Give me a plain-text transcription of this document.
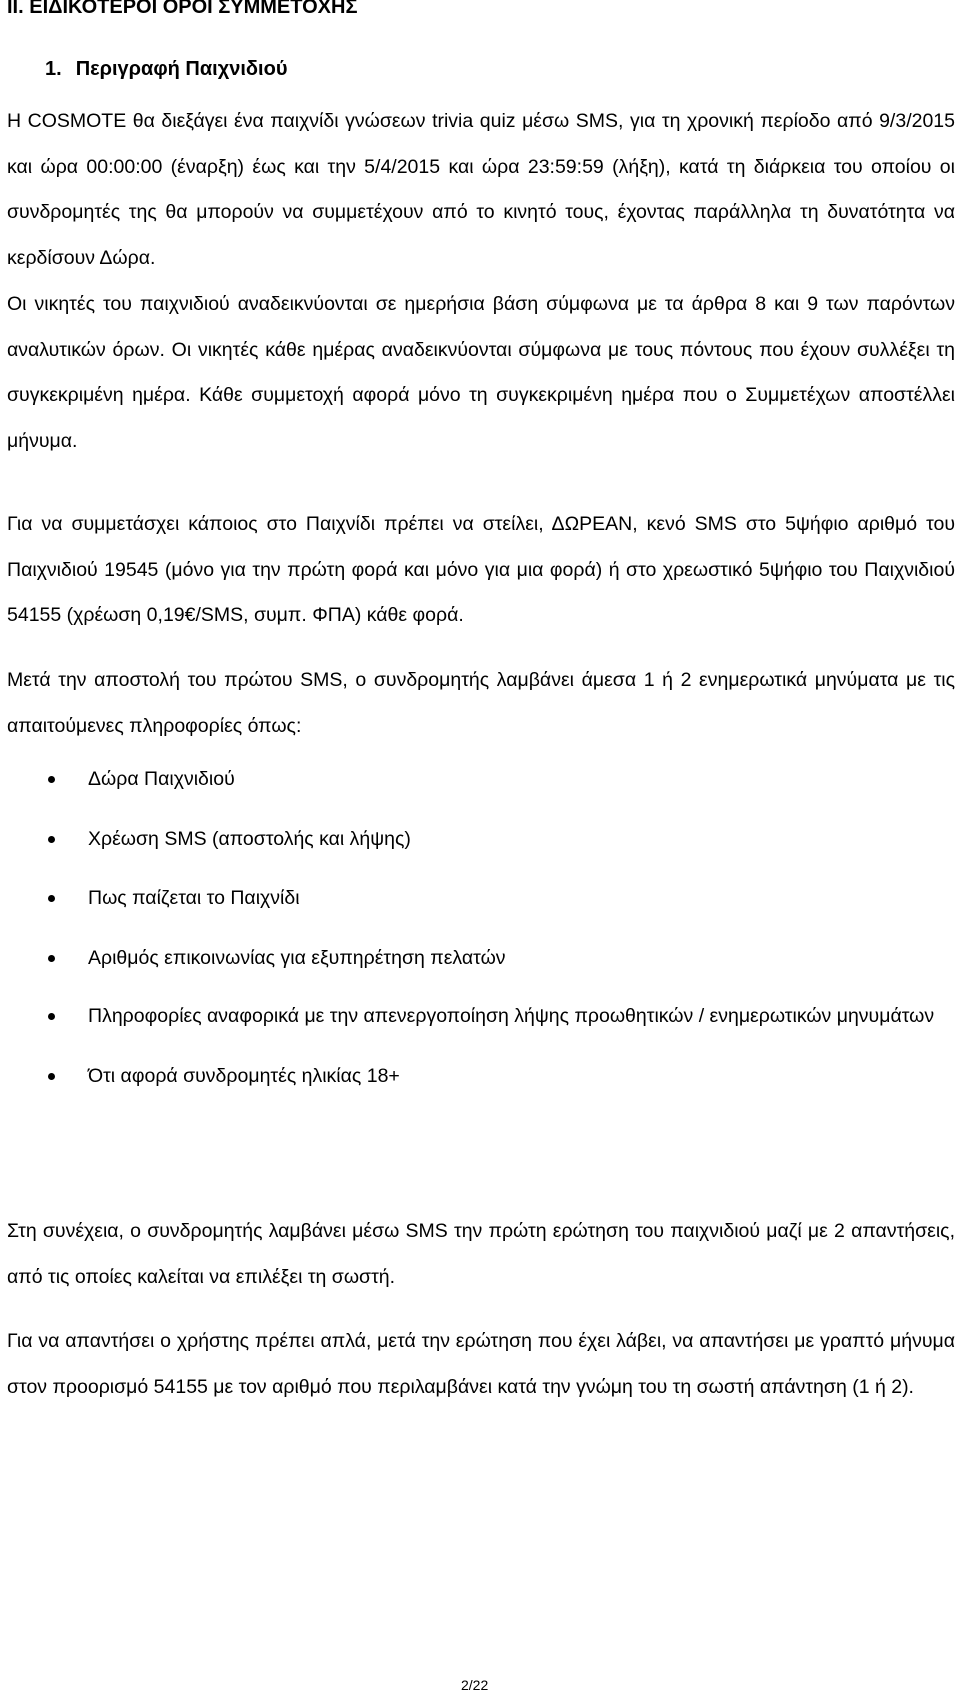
II. ΕΙΔΙΚΟΤΕΡΟΙ ΟΡΟΙ ΣΥΜΜΕΤΟΧΗΣ
1. Περιγραφή Παιχνιδιού

Η COSMOTE θα διεξάγει ένα παιχνίδι γνώσεων trivia quiz μέσω SMS, για τη χρονική περίοδο από 9/3/2015 και ώρα 00:00:00 (έναρξη) έως και την 5/4/2015 και ώρα 23:59:59 (λήξη), κατά τη διάρκεια του οποίου οι συνδρομητές της θα μπορούν να συμμετέχουν από το κινητό τους, έχοντας παράλληλα τη δυνατότητα να κερδίσουν Δώρα.

Οι νικητές του παιχνιδιού αναδεικνύονται σε ημερήσια βάση σύμφωνα με τα άρθρα 8 και 9 των παρόντων αναλυτικών όρων. Οι νικητές κάθε ημέρας αναδεικνύονται σύμφωνα με τους πόντους που έχουν συλλέξει τη συγκεκριμένη ημέρα. Κάθε συμμετοχή αφορά μόνο τη συγκεκριμένη ημέρα που ο Συμμετέχων αποστέλλει μήνυμα.

Για να συμμετάσχει κάποιος στο Παιχνίδι πρέπει να στείλει, ΔΩΡΕΑΝ, κενό SMS στο 5ψήφιο αριθμό του Παιχνιδιού 19545 (μόνο για την πρώτη φορά και μόνο για μια φορά) ή στο χρεωστικό 5ψήφιο του Παιχνιδιού 54155 (χρέωση 0,19€/SMS, συμπ. ΦΠΑ) κάθε φορά.

Μετά την αποστολή του πρώτου SMS, ο συνδρομητής λαμβάνει άμεσα 1 ή 2 ενημερωτικά μηνύματα με τις απαιτούμενες πληροφορίες όπως:

Δώρα Παιχνιδιού
Χρέωση SMS (αποστολής και λήψης)
Πως παίζεται το Παιχνίδι
Αριθμός επικοινωνίας για εξυπηρέτηση πελατών
Πληροφορίες αναφορικά με την απενεργοποίηση λήψης προωθητικών / ενημερωτικών μηνυμάτων
Ότι αφορά συνδρομητές ηλικίας 18+

Στη συνέχεια, ο συνδρομητής λαμβάνει μέσω SMS την πρώτη ερώτηση του παιχνιδιού μαζί με 2 απαντήσεις, από τις οποίες καλείται να επιλέξει τη σωστή.

Για να απαντήσει ο χρήστης πρέπει απλά, μετά την ερώτηση που έχει λάβει, να απαντήσει με γραπτό μήνυμα στον προορισμό 54155 με τον αριθμό που περιλαμβάνει κατά την γνώμη του τη σωστή απάντηση (1 ή 2).

2/22
